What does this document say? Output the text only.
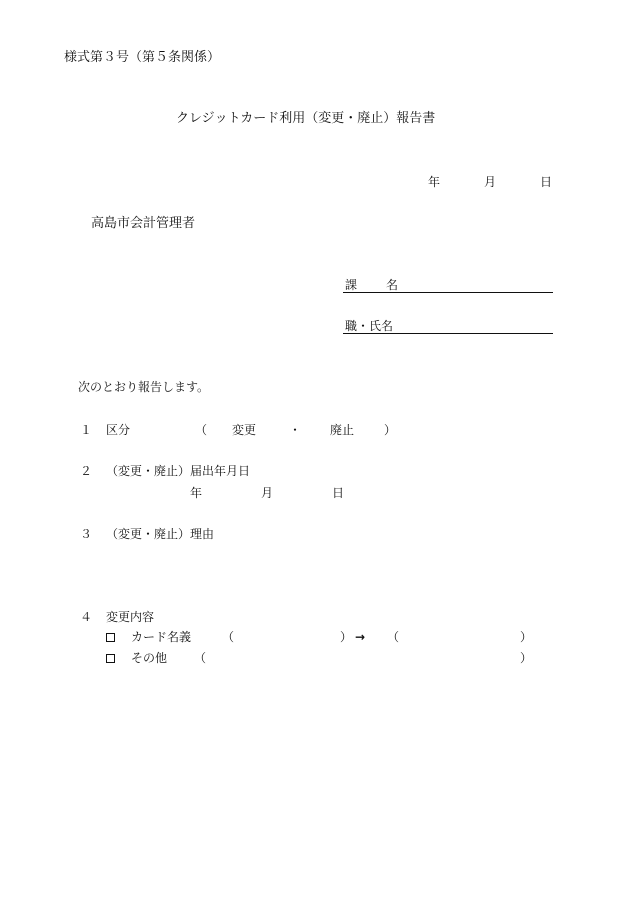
様式第３号（第５条関係）
クレジットカード利用（変更・廃止）報告書
年	月	日
高島市会計管理者
課 名
職・氏名
次のとおり報告します。
１ 区分	（ 変更	・ 廃止 ）
２ （変更・廃止）届出年月日
年	月	日
３ （変更・廃止）理由
４ 変更内容
カード名義	（	） → （	）
その他 （	）
